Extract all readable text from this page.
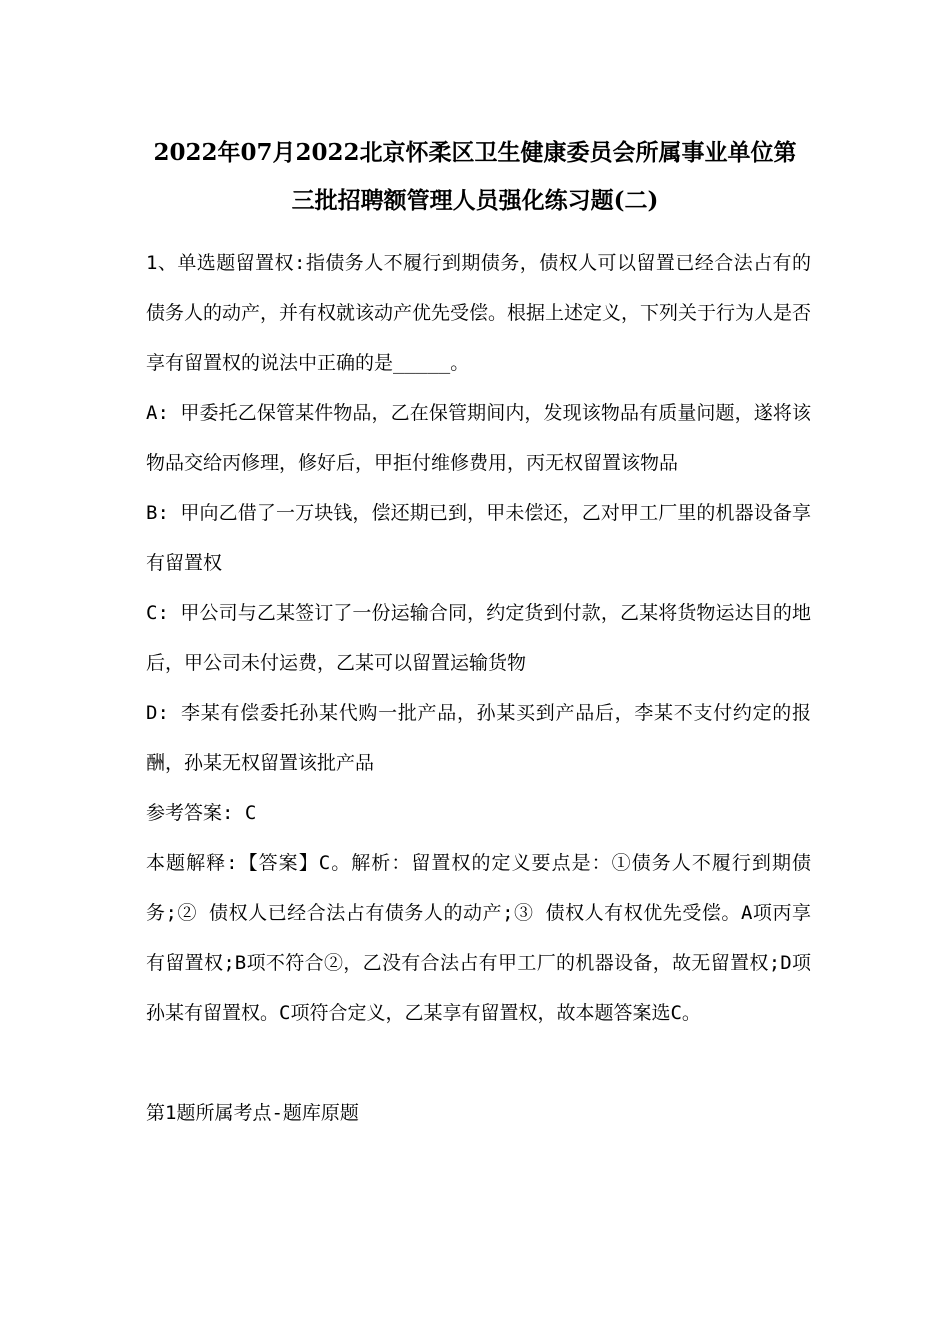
2022年07月2022北京怀柔区卫生健康委员会所属事业单位第
三批招聘额管理人员强化练习题(二)

1、单选题留置权:指债务人不履行到期债务，债权人可以留置已经合法占有的债务人的动产，并有权就该动产优先受偿。根据上述定义，下列关于行为人是否享有留置权的说法中正确的是_____。

A: 甲委托乙保管某件物品，乙在保管期间内，发现该物品有质量问题，遂将该物品交给丙修理，修好后，甲拒付维修费用，丙无权留置该物品

B: 甲向乙借了一万块钱，偿还期已到，甲未偿还，乙对甲工厂里的机器设备享有留置权

C: 甲公司与乙某签订了一份运输合同，约定货到付款，乙某将货物运达目的地后，甲公司未付运费，乙某可以留置运输货物

D: 李某有偿委托孙某代购一批产品，孙某买到产品后，李某不支付约定的报酬，孙某无权留置该批产品

参考答案: C

本题解释:【答案】C。解析：留置权的定义要点是：①债务人不履行到期债务;② 债权人已经合法占有债务人的动产;③ 债权人有权优先受偿。A项丙享有留置权;B项不符合②，乙没有合法占有甲工厂的机器设备，故无留置权;D项孙某有留置权。C项符合定义，乙某享有留置权，故本题答案选C。

第1题所属考点-题库原题
